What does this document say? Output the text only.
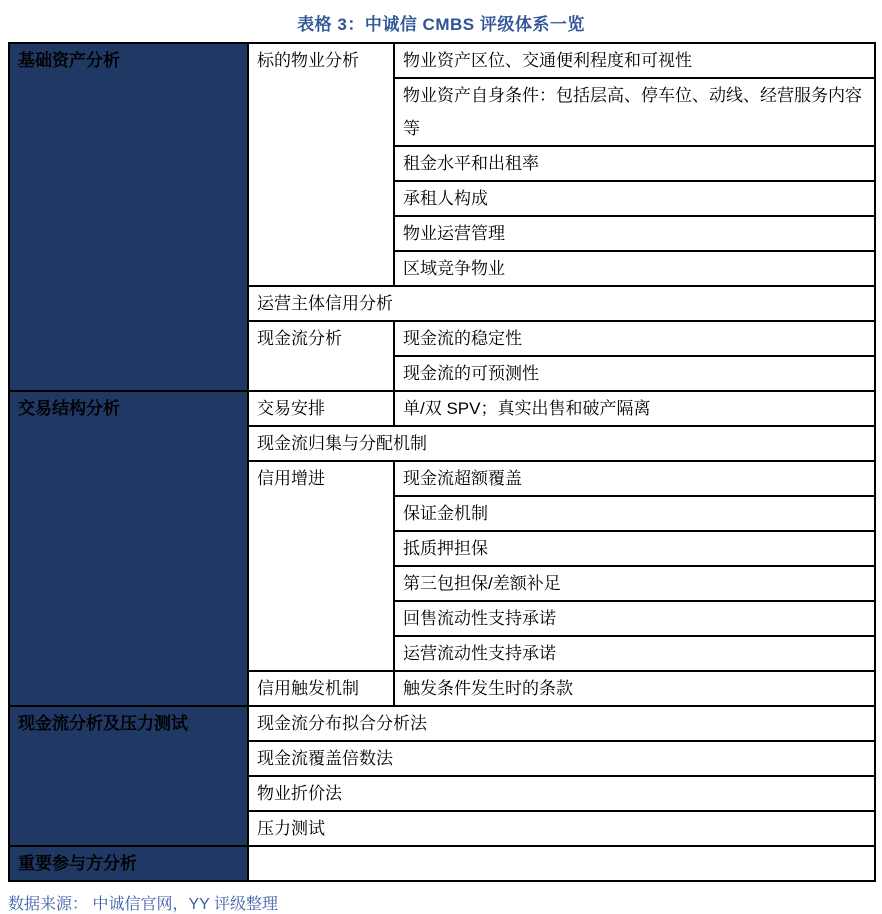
表格 3：中诚信 CMBS 评级体系一览
基础资产分析	标的物业分析	物业资产区位、交通便利程度和可视性
		物业资产自身条件：包括层高、停车位、动线、经营服务内容等
		租金水平和出租率
		承租人构成
		物业运营管理
		区域竞争物业
	运营主体信用分析	
	现金流分析	现金流的稳定性
		现金流的可预测性
交易结构分析	交易安排	单/双 SPV；真实出售和破产隔离
	现金流归集与分配机制	
	信用增进	现金流超额覆盖
		保证金机制
		抵质押担保
		第三包担保/差额补足
		回售流动性支持承诺
		运营流动性支持承诺
	信用触发机制	触发条件发生时的条款
现金流分析及压力测试	现金流分布拟合分析法	
	现金流覆盖倍数法	
	物业折价法	
	压力测试	
重要参与方分析		
数据来源： 中诚信官网，YY 评级整理
